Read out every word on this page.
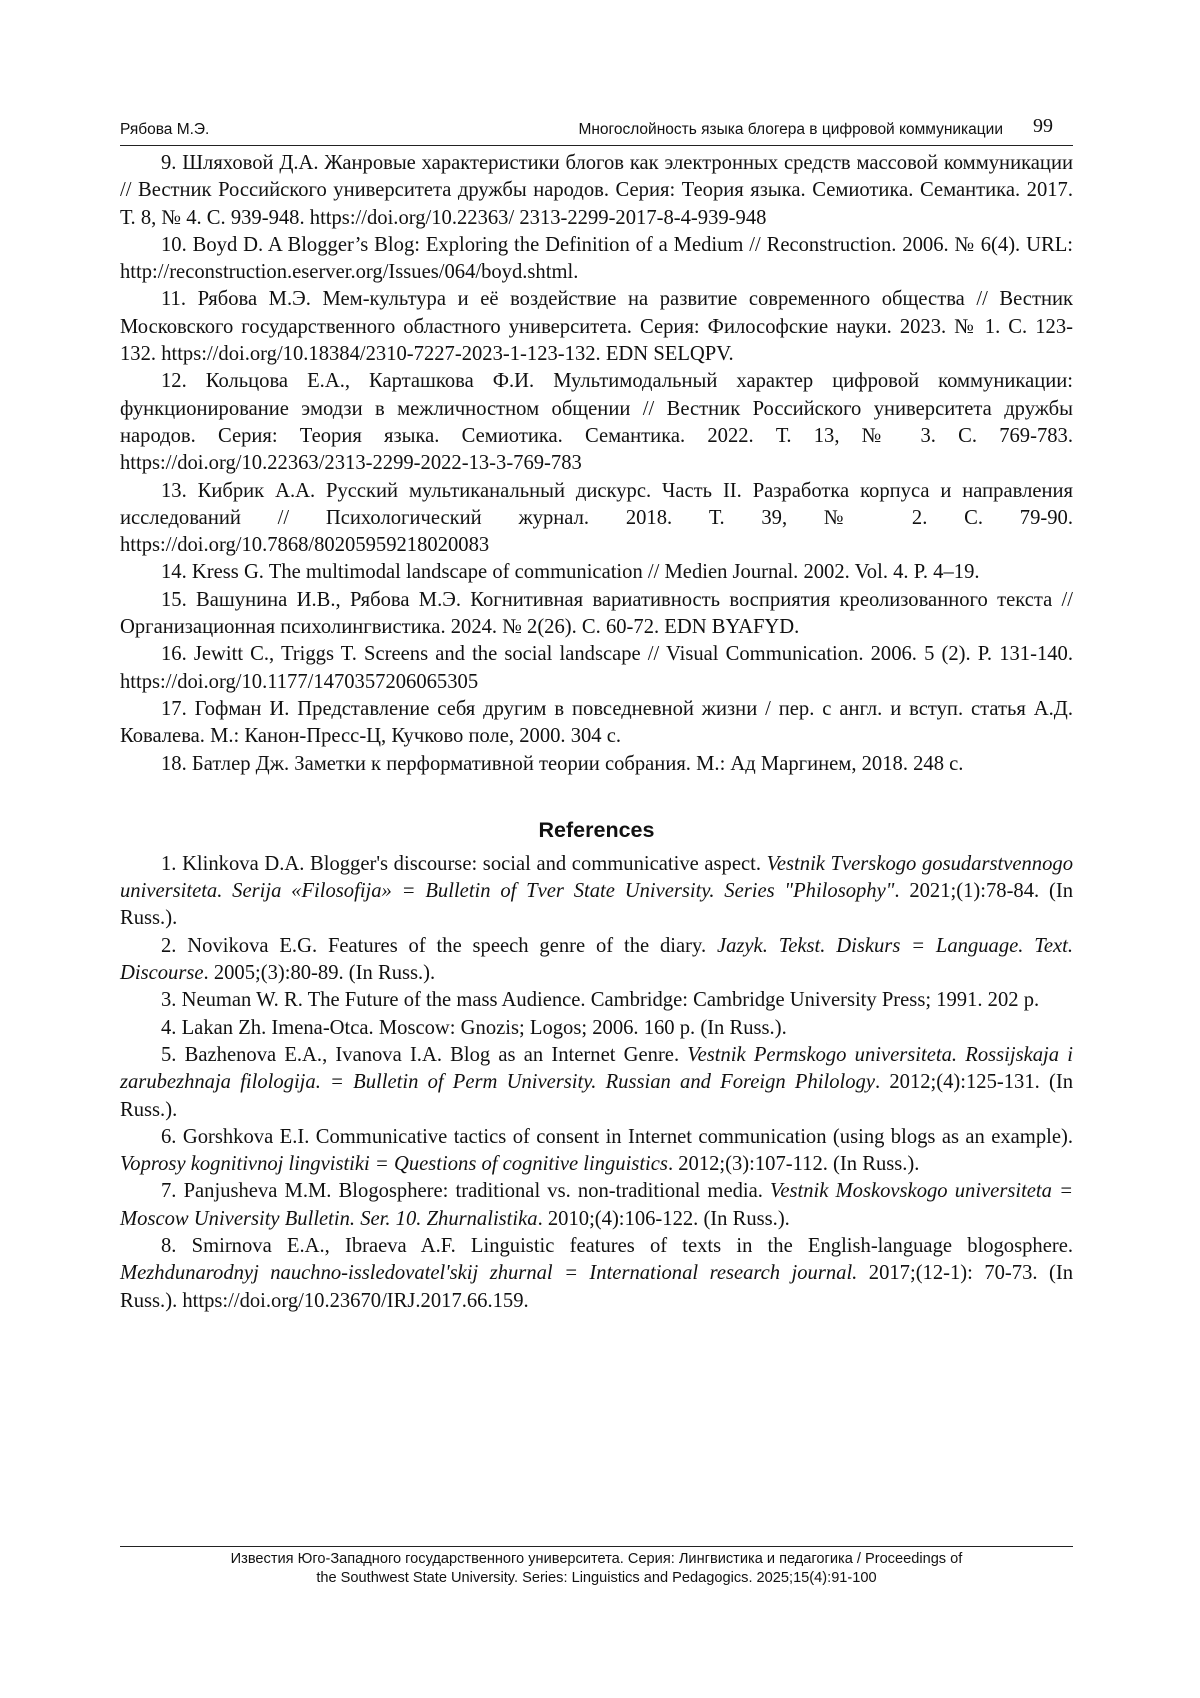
Рябова М.Э.	Многослойность языка блогера в цифровой коммуникации 99

9. Шляховой Д.А. Жанровые характеристики блогов как электронных средств массовой коммуникации // Вестник Российского университета дружбы народов. Серия: Теория языка. Семиотика. Семантика. 2017. Т. 8, № 4. С. 939-948. https://doi.org/10.22363/ 2313-2299-2017-8-4-939-948

10. Boyd D. A Blogger’s Blog: Exploring the Definition of a Medium // Reconstruction. 2006. № 6(4). URL: http://reconstruction.eserver.org/Issues/064/boyd.shtml.

11. Рябова М.Э. Мем-культура и её воздействие на развитие современного общества // Вестник Московского государственного областного университета. Серия: Философские науки. 2023. № 1. С. 123-132. https://doi.org/10.18384/2310-7227-2023-1-123-132. EDN SELQPV.

12. Кольцова Е.А., Карташкова Ф.И. Мультимодальный характер цифровой коммуникации: функционирование эмодзи в межличностном общении // Вестник Российского университета дружбы народов. Серия: Теория языка. Семиотика. Семантика. 2022. Т. 13, № 3. С. 769-783. https://doi.org/10.22363/2313-2299-2022-13-3-769-783

13. Кибрик А.А. Русский мультиканальный дискурс. Часть II. Разработка корпуса и направления исследований // Психологический журнал. 2018. Т. 39, № 2. С. 79-90. https://doi.org/10.7868/80205959218020083

14. Kress G. The multimodal landscape of communication // Medien Journal. 2002. Vol. 4. P. 4–19.

15. Вашунина И.В., Рябова М.Э. Когнитивная вариативность восприятия креолизованного текста // Организационная психолингвистика. 2024. № 2(26). С. 60-72. EDN BYAFYD.

16. Jewitt C., Triggs T. Screens and the social landscape // Visual Communication. 2006. 5 (2). P. 131-140. https://doi.org/10.1177/1470357206065305

17. Гофман И. Представление себя другим в повседневной жизни / пер. с англ. и вступ. статья А.Д. Ковалева. М.: Канон-Пресс-Ц, Кучково поле, 2000. 304 с.

18. Батлер Дж. Заметки к перформативной теории собрания. М.: Ад Маргинем, 2018. 248 с.

References

1. Klinkova D.A. Blogger's discourse: social and communicative aspect. Vestnik Tverskogo gosudarstvennogo universiteta. Serija «Filosofija» = Bulletin of Tver State University. Series "Philosophy". 2021;(1):78-84. (In Russ.).

2. Novikova E.G. Features of the speech genre of the diary. Jazyk. Tekst. Diskurs = Language. Text. Discourse. 2005;(3):80-89. (In Russ.).

3. Neuman W. R. The Future of the mass Audience. Cambridge: Cambridge University Press; 1991. 202 p.

4. Lakan Zh. Imena-Otca. Moscow: Gnozis; Logos; 2006. 160 p. (In Russ.).

5. Bazhenova E.A., Ivanova I.A. Blog as an Internet Genre. Vestnik Permskogo universiteta. Rossijskaja i zarubezhnaja filologija. = Bulletin of Perm University. Russian and Foreign Philology. 2012;(4):125-131. (In Russ.).

6. Gorshkova E.I. Communicative tactics of consent in Internet communication (using blogs as an example). Voprosy kognitivnoj lingvistiki = Questions of cognitive linguistics. 2012;(3):107-112. (In Russ.).

7. Panjusheva M.M. Blogosphere: traditional vs. non-traditional media. Vestnik Moskovskogo universiteta = Moscow University Bulletin. Ser. 10. Zhurnalistika. 2010;(4):106-122. (In Russ.).

8. Smirnova E.A., Ibraeva A.F. Linguistic features of texts in the English-language blogosphere. Mezhdunarodnyj nauchno-issledovatel'skij zhurnal = International research journal. 2017;(12-1): 70-73. (In Russ.). https://doi.org/10.23670/IRJ.2017.66.159.

Известия Юго-Западного государственного университета. Серия: Лингвистика и педагогика / Proceedings of
the Southwest State University. Series: Linguistics and Pedagogics. 2025;15(4):91-100
